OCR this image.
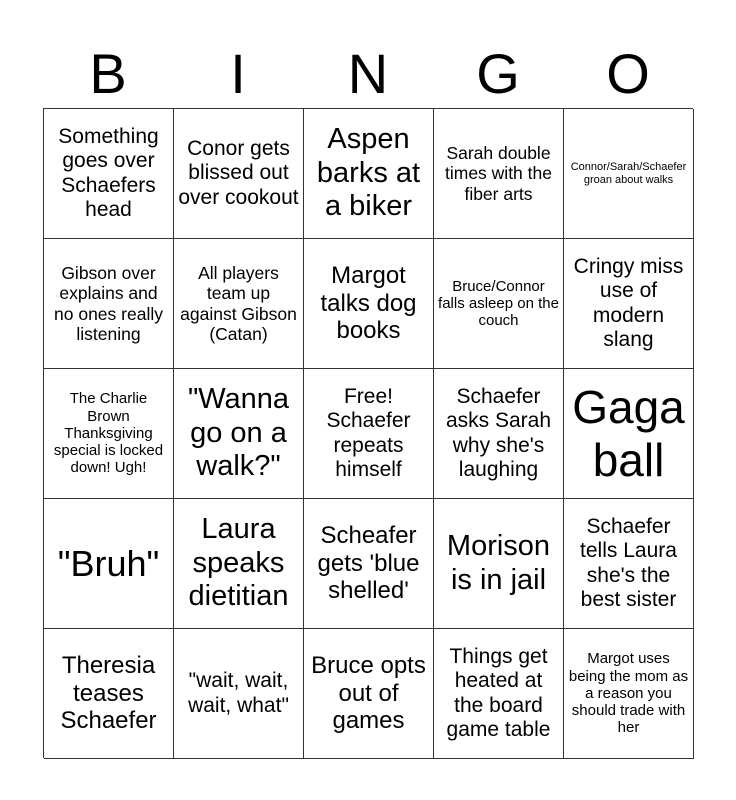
B	I	N	G	O
Something goes over Schaefers head
Conor gets blissed out over cookout
Aspen barks at a biker
Sarah double times with the fiber arts
Connor/Sarah/Schaefer groan about walks
Gibson over explains and no ones really listening
All players team up against Gibson (Catan)
Margot talks dog books
Bruce/Connor falls asleep on the couch
Cringy miss use of modern slang
The Charlie Brown Thanksgiving special is locked down! Ugh!
"Wanna go on a walk?"
Free! Schaefer repeats himself
Schaefer asks Sarah why she's laughing
Gaga ball
"Bruh"
Laura speaks dietitian
Scheafer gets 'blue shelled'
Morison is in jail
Schaefer tells Laura she's the best sister
Theresia teases Schaefer
"wait, wait, wait, what"
Bruce opts out of games
Things get heated at the board game table
Margot uses being the mom as a reason you should trade with her
